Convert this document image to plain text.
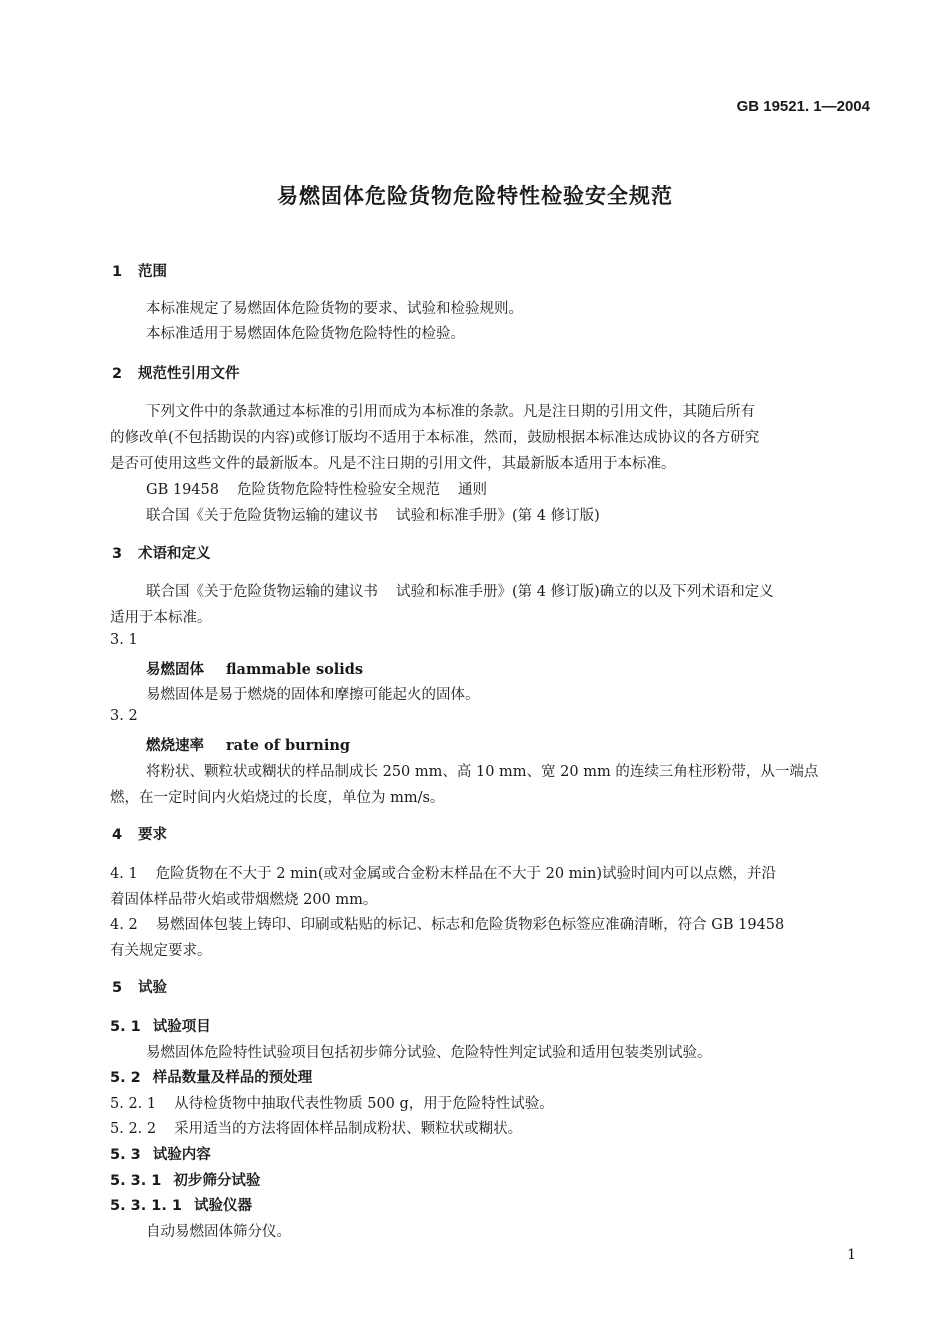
GB 19521. 1—2004
易燃固体危险货物危险特性检验安全规范
1 范围
本标准规定了易燃固体危险货物的要求、试验和检验规则。
本标准适用于易燃固体危险货物危险特性的检验。
2 规范性引用文件
下列文件中的条款通过本标准的引用而成为本标准的条款。凡是注日期的引用文件，其随后所有
的修改单(不包括勘误的内容)或修订版均不适用于本标准，然而，鼓励根据本标准达成协议的各方研究
是否可使用这些文件的最新版本。凡是不注日期的引用文件，其最新版本适用于本标准。
GB 19458 危险货物危险特性检验安全规范 通则
联合国《关于危险货物运输的建议书 试验和标准手册》(第 4 修订版)
3 术语和定义
联合国《关于危险货物运输的建议书 试验和标准手册》(第 4 修订版)确立的以及下列术语和定义
适用于本标准。
3. 1
易燃固体 flammable solids
易燃固体是易于燃烧的固体和摩擦可能起火的固体。
3. 2
燃烧速率 rate of burning
将粉状、颗粒状或糊状的样品制成长 250 mm、高 10 mm、宽 20 mm 的连续三角柱形粉带，从一端点
燃，在一定时间内火焰烧过的长度，单位为 mm/s。
4 要求
4. 1 危险货物在不大于 2 min(或对金属或合金粉末样品在不大于 20 min)试验时间内可以点燃，并沿
着固体样品带火焰或带烟燃烧 200 mm。
4. 2 易燃固体包装上铸印、印刷或粘贴的标记、标志和危险货物彩色标签应准确清晰，符合 GB 19458
有关规定要求。
5 试验
5. 1 试验项目
易燃固体危险特性试验项目包括初步筛分试验、危险特性判定试验和适用包装类别试验。
5. 2 样品数量及样品的预处理
5. 2. 1 从待检货物中抽取代表性物质 500 g，用于危险特性试验。
5. 2. 2 采用适当的方法将固体样品制成粉状、颗粒状或糊状。
5. 3 试验内容
5. 3. 1 初步筛分试验
5. 3. 1. 1 试验仪器
自动易燃固体筛分仪。
1
